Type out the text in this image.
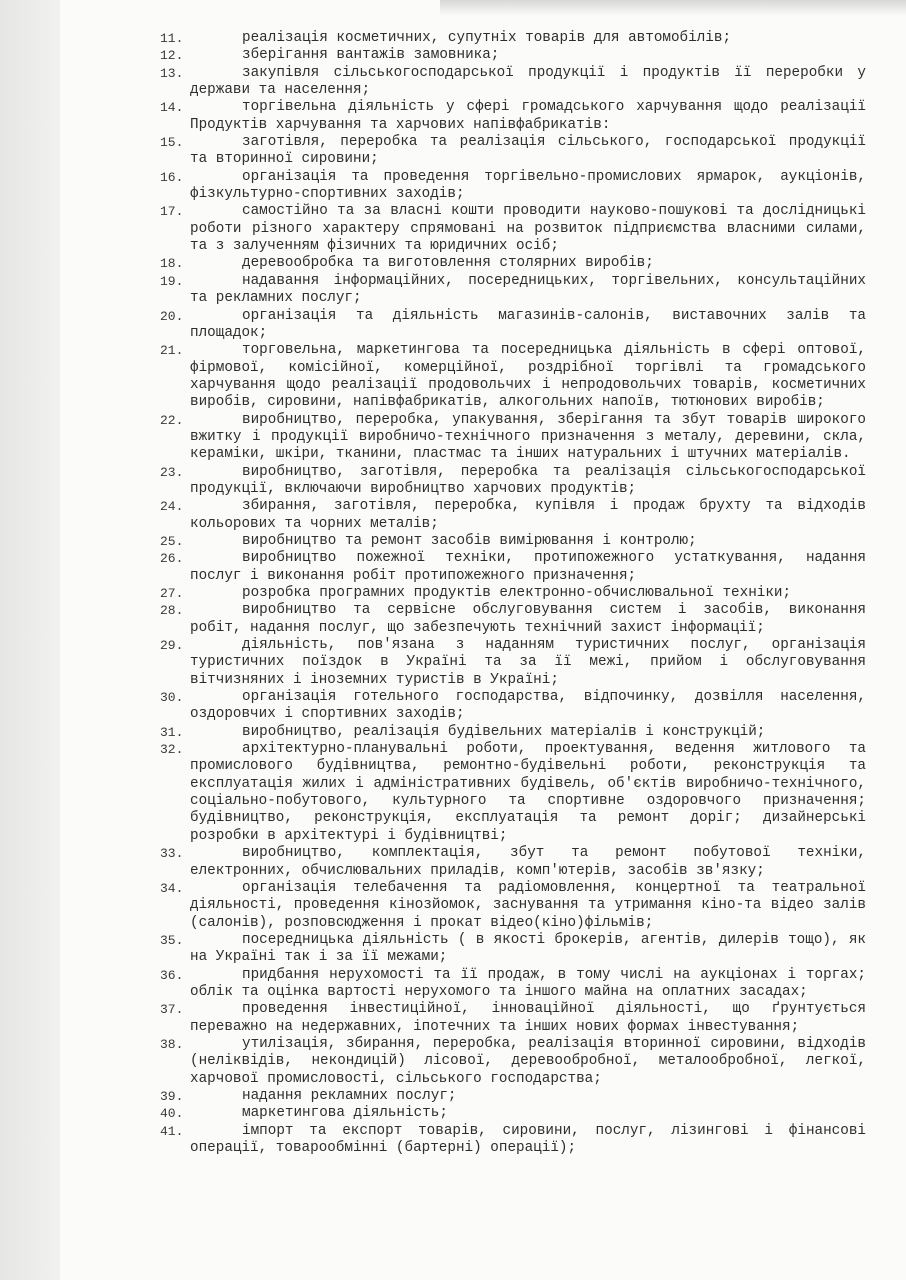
11.	реалізація косметичних, супутніх товарів для автомобілів;
12.	зберігання вантажів замовника;
13.	закупівля сільськогосподарської продукції і продуктів її переробки у держави та населення;
14.	торгівельна діяльність у сфері громадського харчування щодо реалізації Продуктів харчування та харчових напівфабрикатів:
15.	заготівля, переробка та реалізація сільського, господарської продукції та вторинної сировини;
16.	організація та проведення торгівельно-промислових ярмарок, аукціонів, фізкультурно-спортивних заходів;
17.	самостійно та за власні кошти проводити науково-пошукові та дослідницькі роботи різного характеру спрямовані на розвиток підприємства власними силами, та з залученням фізичних та юридичних осіб;
18.	деревообробка та виготовлення столярних виробів;
19.	надавання інформаційних, посередницьких, торгівельних, консультаційних та рекламних послуг;
20.	організація та діяльність магазинів-салонів, виставочних залів та площадок;
21.	торговельна, маркетингова та посередницька діяльність в сфері оптової, фірмової, комісійної, комерційної, роздрібної торгівлі та громадського харчування щодо реалізації продовольчих і непродовольчих товарів, косметичних виробів, сировини, напівфабрикатів, алкогольних напоїв, тютюнових виробів;
22.	виробництво, переробка, упакування, зберігання та збут товарів широкого вжитку і продукції виробничо-технічного призначення з металу, деревини, скла, кераміки, шкіри, тканини, пластмас та інших натуральних і штучних матеріалів.
23.	виробництво, заготівля, переробка та реалізація сільськогосподарської продукції, включаючи виробництво харчових продуктів;
24.	збирання, заготівля, переробка, купівля і продаж брухту та відходів кольорових та чорних металів;
25.	виробництво та ремонт засобів вимірювання і контролю;
26.	виробництво пожежної техніки, протипожежного устаткування, надання послуг і виконання робіт протипожежного призначення;
27.	розробка програмних продуктів електронно-обчислювальної техніки;
28.	виробництво та сервісне обслуговування систем і засобів, виконання робіт, надання послуг, що забезпечують технічний захист інформації;
29.	діяльність, пов'язана з наданням туристичних послуг, організація туристичних поїздок в Україні та за її межі, прийом і обслуговування вітчизняних і іноземних туристів в Україні;
30.	організація готельного господарства, відпочинку, дозвілля населення, оздоровчих і спортивних заходів;
31.	виробництво, реалізація будівельних матеріалів і конструкцій;
32.	архітектурно-планувальні роботи, проектування, ведення житлового та промислового будівництва, ремонтно-будівельні роботи, реконструкція та експлуатація жилих і адміністративних будівель, об'єктів виробничо-технічного, соціально-побутового, культурного та спортивне оздоровчого призначення; будівництво, реконструкція, експлуатація та ремонт доріг; дизайнерські розробки в архітектурі і будівництві;
33.	виробництво, комплектація, збут та ремонт побутової техніки, електронних, обчислювальних приладів, комп'ютерів, засобів зв'язку;
34.	організація телебачення та радіомовлення, концертної та театральної діяльності, проведення кінозйомок, заснування та утримання кіно-та відео залів (салонів), розповсюдження і прокат відео(кіно)фільмів;
35.	посередницька діяльність ( в якості брокерів, агентів, дилерів тощо), як на Україні так і за її межами;
36.	придбання нерухомості та її продаж, в тому числі на аукціонах і торгах; облік та оцінка вартості нерухомого та іншого майна на оплатних засадах;
37.	проведення інвестиційної, інноваційної діяльності, що ґрунтується переважно на недержавних, іпотечних та інших нових формах інвестування;
38.	утилізація, збирання, переробка, реалізація вторинної сировини, відходів (неліквідів, некондицій) лісової, деревообробної, металообробної, легкої, харчової промисловості, сільського господарства;
39.	надання рекламних послуг;
40.	маркетингова діяльність;
41.	імпорт та експорт товарів, сировини, послуг, лізингові і фінансові операції, товарообмінні (бартерні) операції);
